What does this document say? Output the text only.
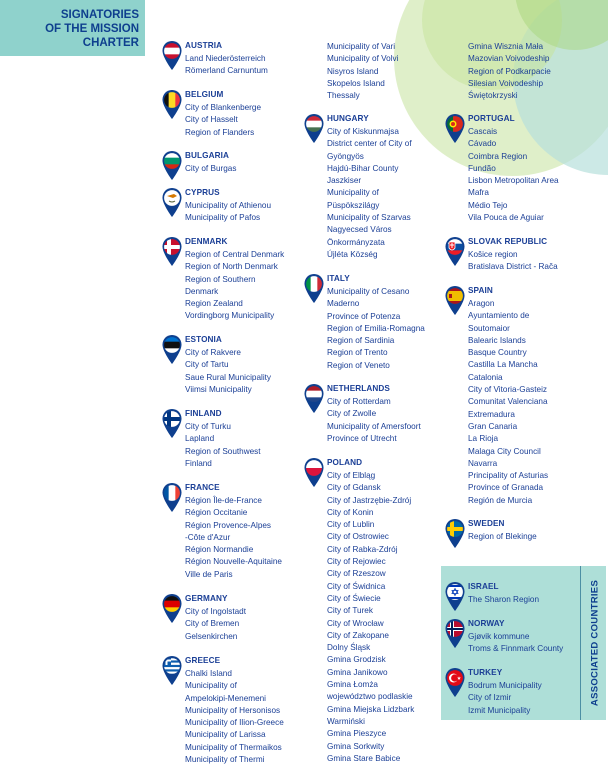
SIGNATORIES
OF THE MISSION
CHARTER
ASSOCIATED COUNTRIES
AUSTRIA
Land Niederösterreich
Römerland Carnuntum
BELGIUM
City of Blankenberge
City of Hasselt
Region of Flanders
BULGARIA
City of Burgas
CYPRUS
Municipality of Athienou
Municipality of Pafos
DENMARK
Region of Central Denmark
Region of North Denmark
Region of Southern
Denmark
Region Zealand
Vordingborg Municipality
ESTONIA
City of Rakvere
City of Tartu
Saue Rural Municipality
Viimsi Municipality
FINLAND
City of Turku
Lapland
Region of Southwest
Finland
FRANCE
Région Île-de-France
Région Occitanie
Région Provence-Alpes
-Côte d'Azur
Région Normandie
Région Nouvelle-Aquitaine
Ville de Paris
GERMANY
City of Ingolstadt
City of Bremen
Gelsenkirchen
GREECE
Chalki Island
Municipality of
Ampelokipi-Menemeni
Municipality of Hersonisos
Municipality of Ilion-Greece
Municipality of Larissa
Municipality of Thermaikos
Municipality of Thermi
Municipality of Vari
Municipality of Volvi
Nisyros Island
Skopelos Island
Thessaly
HUNGARY
City of Kiskunmajsa
District center of City of
Gyöngyös
Hajdú-Bihar County
Jaszkiser
Municipality of
Püspökszilágy
Municipality of Szarvas
Nagyecsed Város
Önkormányzata
Újléta Község
ITALY
Municipality of Cesano
Maderno
Province of Potenza
Region of Emilia-Romagna
Region of Sardinia
Region of Trento
Region of Veneto
NETHERLANDS
City of Rotterdam
City of Zwolle
Municipality of Amersfoort
Province of Utrecht
POLAND
City of Elbląg
City of Gdansk
City of Jastrzębie-Zdrój
City of Konin
City of Lublin
City of Ostrowiec
City of Rabka-Zdrój
City of Rejowiec
City of Rzeszow
City of Świdnica
City of Świecie
City of Turek
City of Wrocław
City of Zakopane
Dolny Śląsk
Gmina Grodzisk
Gmina Janikowo
Gmina Łomża
województwo podlaskie
Gmina Miejska Lidzbark
Warmiński
Gmina Pieszyce
Gmina Sorkwity
Gmina Stare Babice
Gmina Wisznia Mała
Mazovian Voivodeship
Region of Podkarpacie
Silesian Voivodeship
Świętokrzyski
PORTUGAL
Cascais
Cávado
Coimbra Region
Fundão
Lisbon Metropolitan Area
Mafra
Médio Tejo
Vila Pouca de Aguiar
SLOVAK REPUBLIC
Košice region
Bratislava District - Rača
SPAIN
Aragon
Ayuntamiento de
Soutomaior
Balearic Islands
Basque Country
Castilla La Mancha
Catalonia
City of Vitoria-Gasteiz
Comunitat Valenciana
Extremadura
Gran Canaria
La Rioja
Malaga City Council
Navarra
Principality of Asturias
Province of Granada
Región de Murcia
SWEDEN
Region of Blekinge
ISRAEL
The Sharon Region
NORWAY
Gjøvik kommune
Troms & Finnmark County
TURKEY
Bodrum Municipality
City of Izmir
Izmit Municipality
